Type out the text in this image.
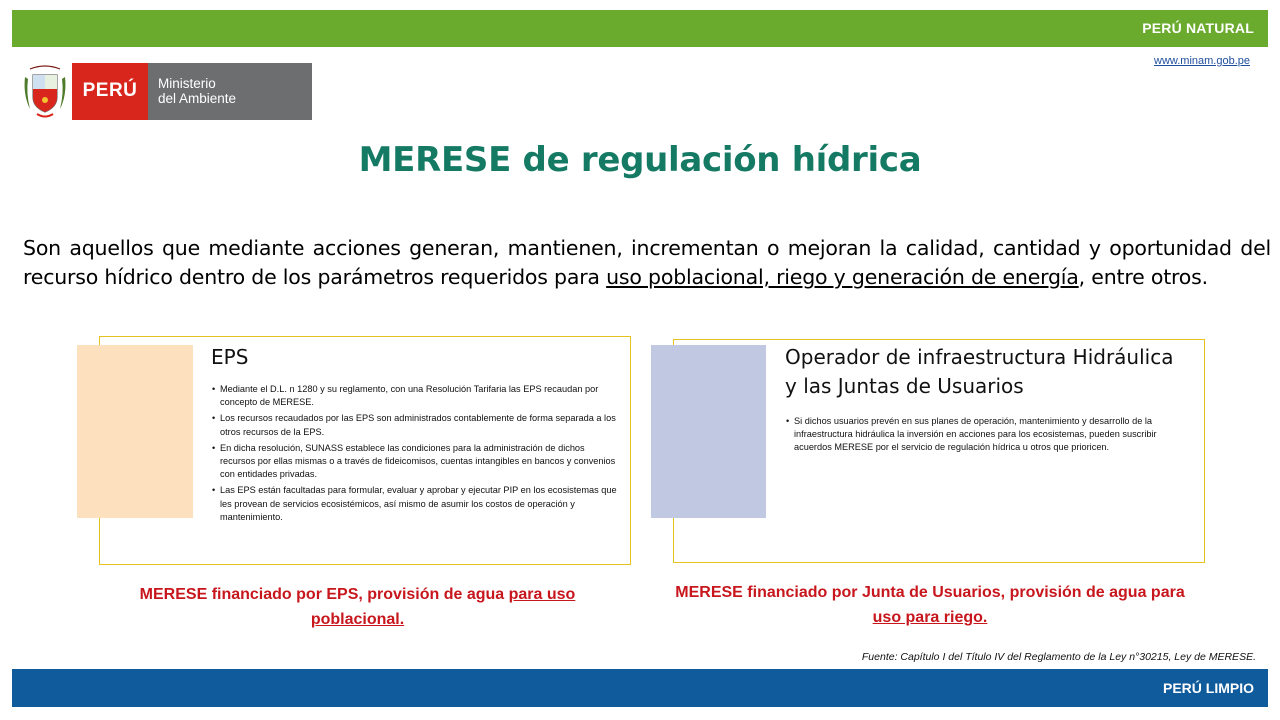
PERÚ NATURAL
www.minam.gob.pe
PERÚ	Ministerio
del Ambiente
MERESE de regulación hídrica

Son aquellos que mediante acciones generan, mantienen, incrementan o mejoran la calidad, cantidad y oportunidad del recurso hídrico dentro de los parámetros requeridos para uso poblacional, riego y generación de energía, entre otros.

EPS
• Mediante el D.L. n 1280 y su reglamento, con una Resolución Tarifaria las EPS recaudan por concepto de MERESE.
• Los recursos recaudados por las EPS son administrados contablemente de forma separada a los otros recursos de la EPS.
• En dicha resolución, SUNASS establece las condiciones para la administración de dichos recursos por ellas mismas o a través de fideicomisos, cuentas intangibles en bancos y convenios con entidades privadas.
• Las EPS están facultadas para formular, evaluar y aprobar y ejecutar PIP en los ecosistemas que les provean de servicios ecosistémicos, así mismo de asumir los costos de operación y mantenimiento.
Operador de infraestructura Hidráulica y las Juntas de Usuarios
• Si dichos usuarios prevén en sus planes de operación, mantenimiento y desarrollo de la infraestructura hidráulica la inversión en acciones para los ecosistemas, pueden suscribir acuerdos MERESE por el servicio de regulación hídrica u otros que prioricen.

MERESE financiado por EPS, provisión de agua para uso poblacional.

MERESE financiado por Junta de Usuarios, provisión de agua para uso para riego.

Fuente: Capítulo I del Título IV del Reglamento de la Ley n°30215, Ley de MERESE.

PERÚ LIMPIO
